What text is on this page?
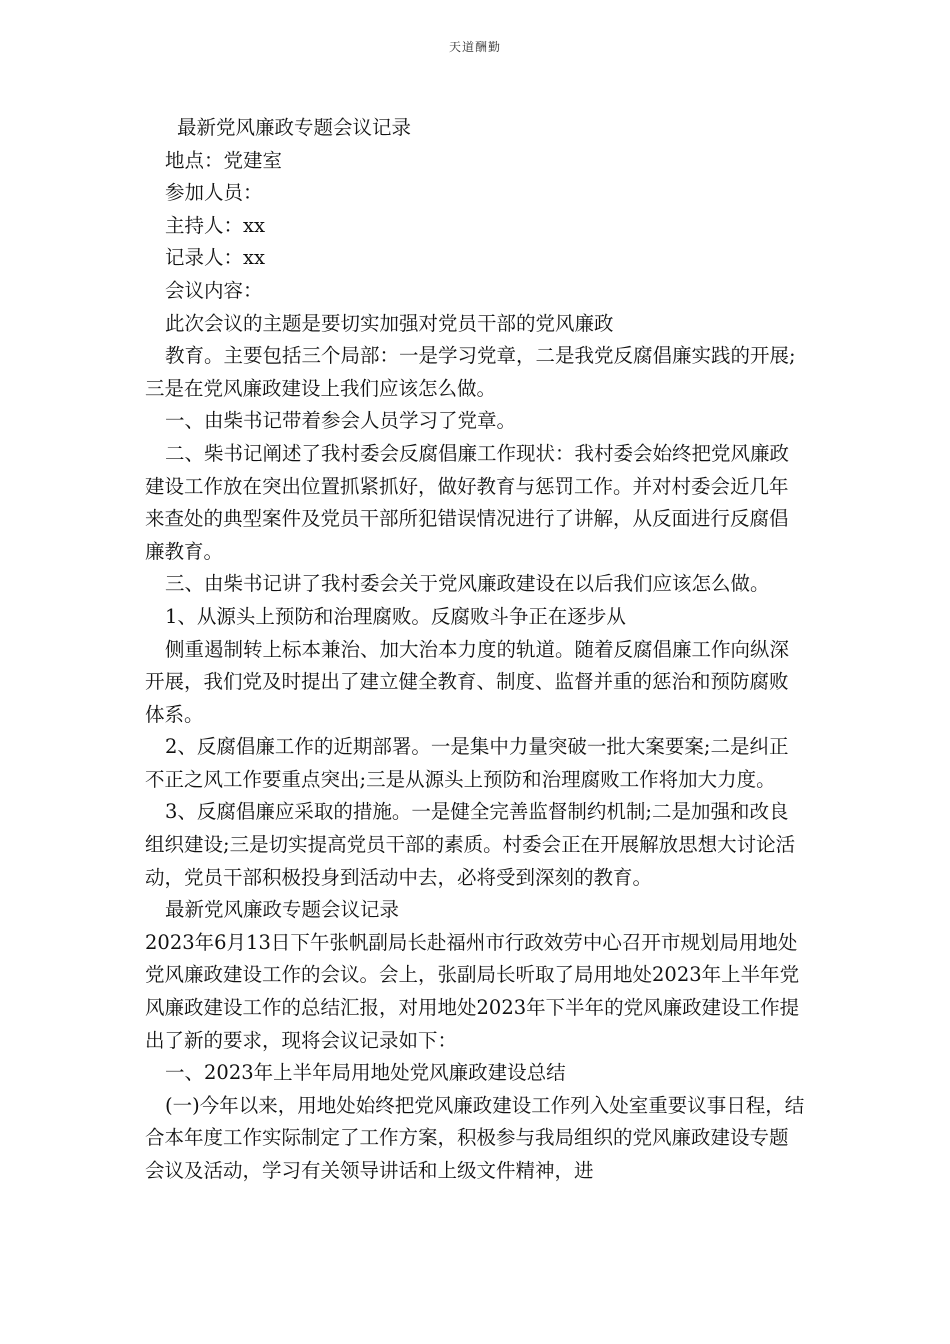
天道酬勤

最新党风廉政专题会议记录

地点：党建室

参加人员：

主持人：xx

记录人：xx

会议内容：

此次会议的主题是要切实加强对党员干部的党风廉政

教育。主要包括三个局部：一是学习党章，二是我党反腐倡廉实践的开展;三是在党风廉政建设上我们应该怎么做。

一、由柴书记带着参会人员学习了党章。

二、柴书记阐述了我村委会反腐倡廉工作现状：我村委会始终把党风廉政建设工作放在突出位置抓紧抓好，做好教育与惩罚工作。并对村委会近几年来查处的典型案件及党员干部所犯错误情况进行了讲解，从反面进行反腐倡廉教育。

三、由柴书记讲了我村委会关于党风廉政建设在以后我们应该怎么做。

1、从源头上预防和治理腐败。反腐败斗争正在逐步从

侧重遏制转上标本兼治、加大治本力度的轨道。随着反腐倡廉工作向纵深开展，我们党及时提出了建立健全教育、制度、监督并重的惩治和预防腐败体系。

2、反腐倡廉工作的近期部署。一是集中力量突破一批大案要案;二是纠正不正之风工作要重点突出;三是从源头上预防和治理腐败工作将加大力度。

3、反腐倡廉应采取的措施。一是健全完善监督制约机制;二是加强和改良组织建设;三是切实提高党员干部的素质。村委会正在开展解放思想大讨论活动，党员干部积极投身到活动中去，必将受到深刻的教育。

最新党风廉政专题会议记录

2023年6月13日下午张帆副局长赴福州市行政效劳中心召开市规划局用地处党风廉政建设工作的会议。会上，张副局长听取了局用地处2023年上半年党风廉政建设工作的总结汇报，对用地处2023年下半年的党风廉政建设工作提出了新的要求，现将会议记录如下：

一、2023年上半年局用地处党风廉政建设总结

(一)今年以来，用地处始终把党风廉政建设工作列入处室重要议事日程，结合本年度工作实际制定了工作方案，积极参与我局组织的党风廉政建设专题会议及活动，学习有关领导讲话和上级文件精神，进
